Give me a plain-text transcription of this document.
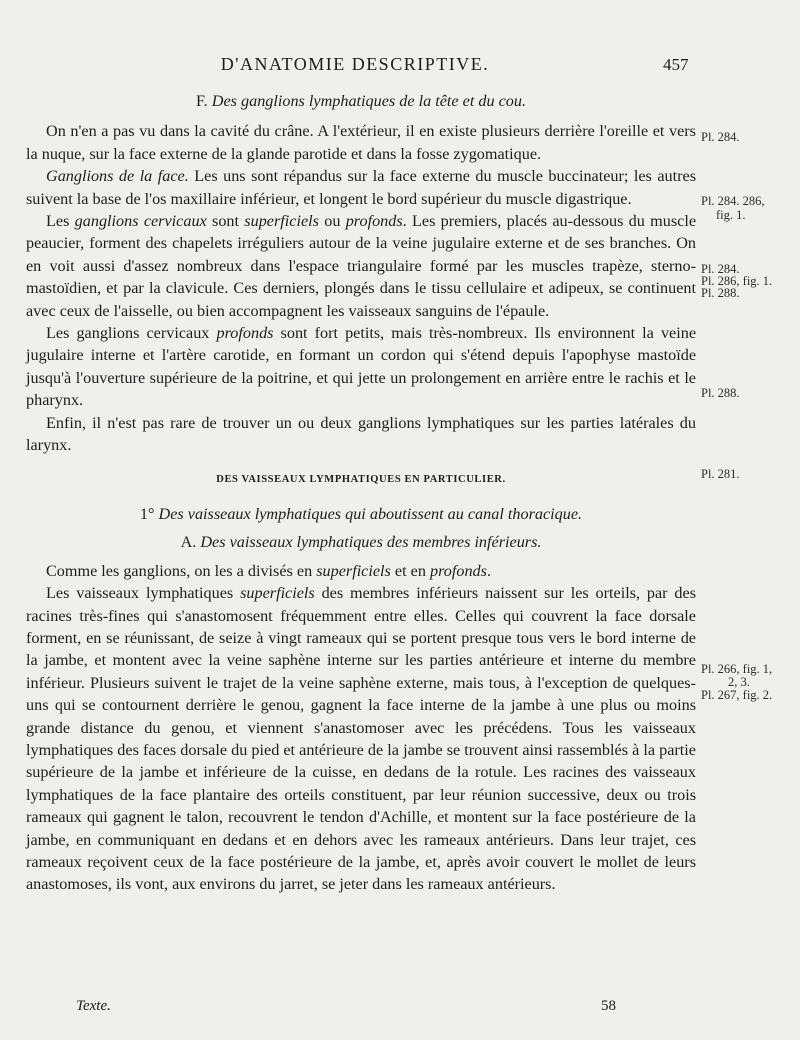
D'ANATOMIE DESCRIPTIVE.	457
F. Des ganglions lymphatiques de la tête et du cou.

On n'en a pas vu dans la cavité du crâne. A l'extérieur, il en existe plusieurs derrière l'oreille et vers la nuque, sur la face externe de la glande parotide et dans la fosse zygomatique.

Ganglions de la face. Les uns sont répandus sur la face externe du muscle buccinateur; les autres suivent la base de l'os maxillaire inférieur, et longent le bord supérieur du muscle digastrique.

Les ganglions cervicaux sont superficiels ou profonds. Les premiers, placés au-dessous du muscle peaucier, forment des chapelets irréguliers autour de la veine jugulaire externe et de ses branches. On en voit aussi d'assez nombreux dans l'espace triangulaire formé par les muscles trapèze, sterno-mastoïdien, et par la clavicule. Ces derniers, plongés dans le tissu cellulaire et adipeux, se continuent avec ceux de l'aisselle, ou bien accompagnent les vaisseaux sanguins de l'épaule.

Les ganglions cervicaux profonds sont fort petits, mais très-nombreux. Ils environnent la veine jugulaire interne et l'artère carotide, en formant un cordon qui s'étend depuis l'apophyse mastoïde jusqu'à l'ouverture supérieure de la poitrine, et qui jette un prolongement en arrière entre le rachis et le pharynx.

Enfin, il n'est pas rare de trouver un ou deux ganglions lymphatiques sur les parties latérales du larynx.

DES VAISSEAUX LYMPHATIQUES EN PARTICULIER.
1° Des vaisseaux lymphatiques qui aboutissent au canal thoracique.
A. Des vaisseaux lymphatiques des membres inférieurs.

Comme les ganglions, on les a divisés en superficiels et en profonds.

Les vaisseaux lymphatiques superficiels des membres inférieurs naissent sur les orteils, par des racines très-fines qui s'anastomosent fréquemment entre elles. Celles qui couvrent la face dorsale forment, en se réunissant, de seize à vingt rameaux qui se portent presque tous vers le bord interne de la jambe, et montent avec la veine saphène interne sur les parties antérieure et interne du membre inférieur. Plusieurs suivent le trajet de la veine saphène externe, mais tous, à l'exception de quelques-uns qui se contournent derrière le genou, gagnent la face interne de la jambe à une plus ou moins grande distance du genou, et viennent s'anastomoser avec les précédens. Tous les vaisseaux lymphatiques des faces dorsale du pied et antérieure de la jambe se trouvent ainsi rassemblés à la partie supérieure de la jambe et inférieure de la cuisse, en dedans de la rotule. Les racines des vaisseaux lymphatiques de la face plantaire des orteils constituent, par leur réunion successive, deux ou trois rameaux qui gagnent le talon, recouvrent le tendon d'Achille, et montent sur la face postérieure de la jambe, en communiquant en dedans et en dehors avec les rameaux antérieurs. Dans leur trajet, ces rameaux reçoivent ceux de la face postérieure de la jambe, et, après avoir couvert le mollet de leurs anastomoses, ils vont, aux environs du jarret, se jeter dans les rameaux antérieurs.

Pl. 284.
Pl. 284. 286,
fig. 1.
Pl. 284.
Pl. 286, fig. 1.
Pl. 288.
Pl. 288.
Pl. 281.
Pl. 266, fig. 1,
2, 3.
Pl. 267, fig. 2.
Texte.	58
